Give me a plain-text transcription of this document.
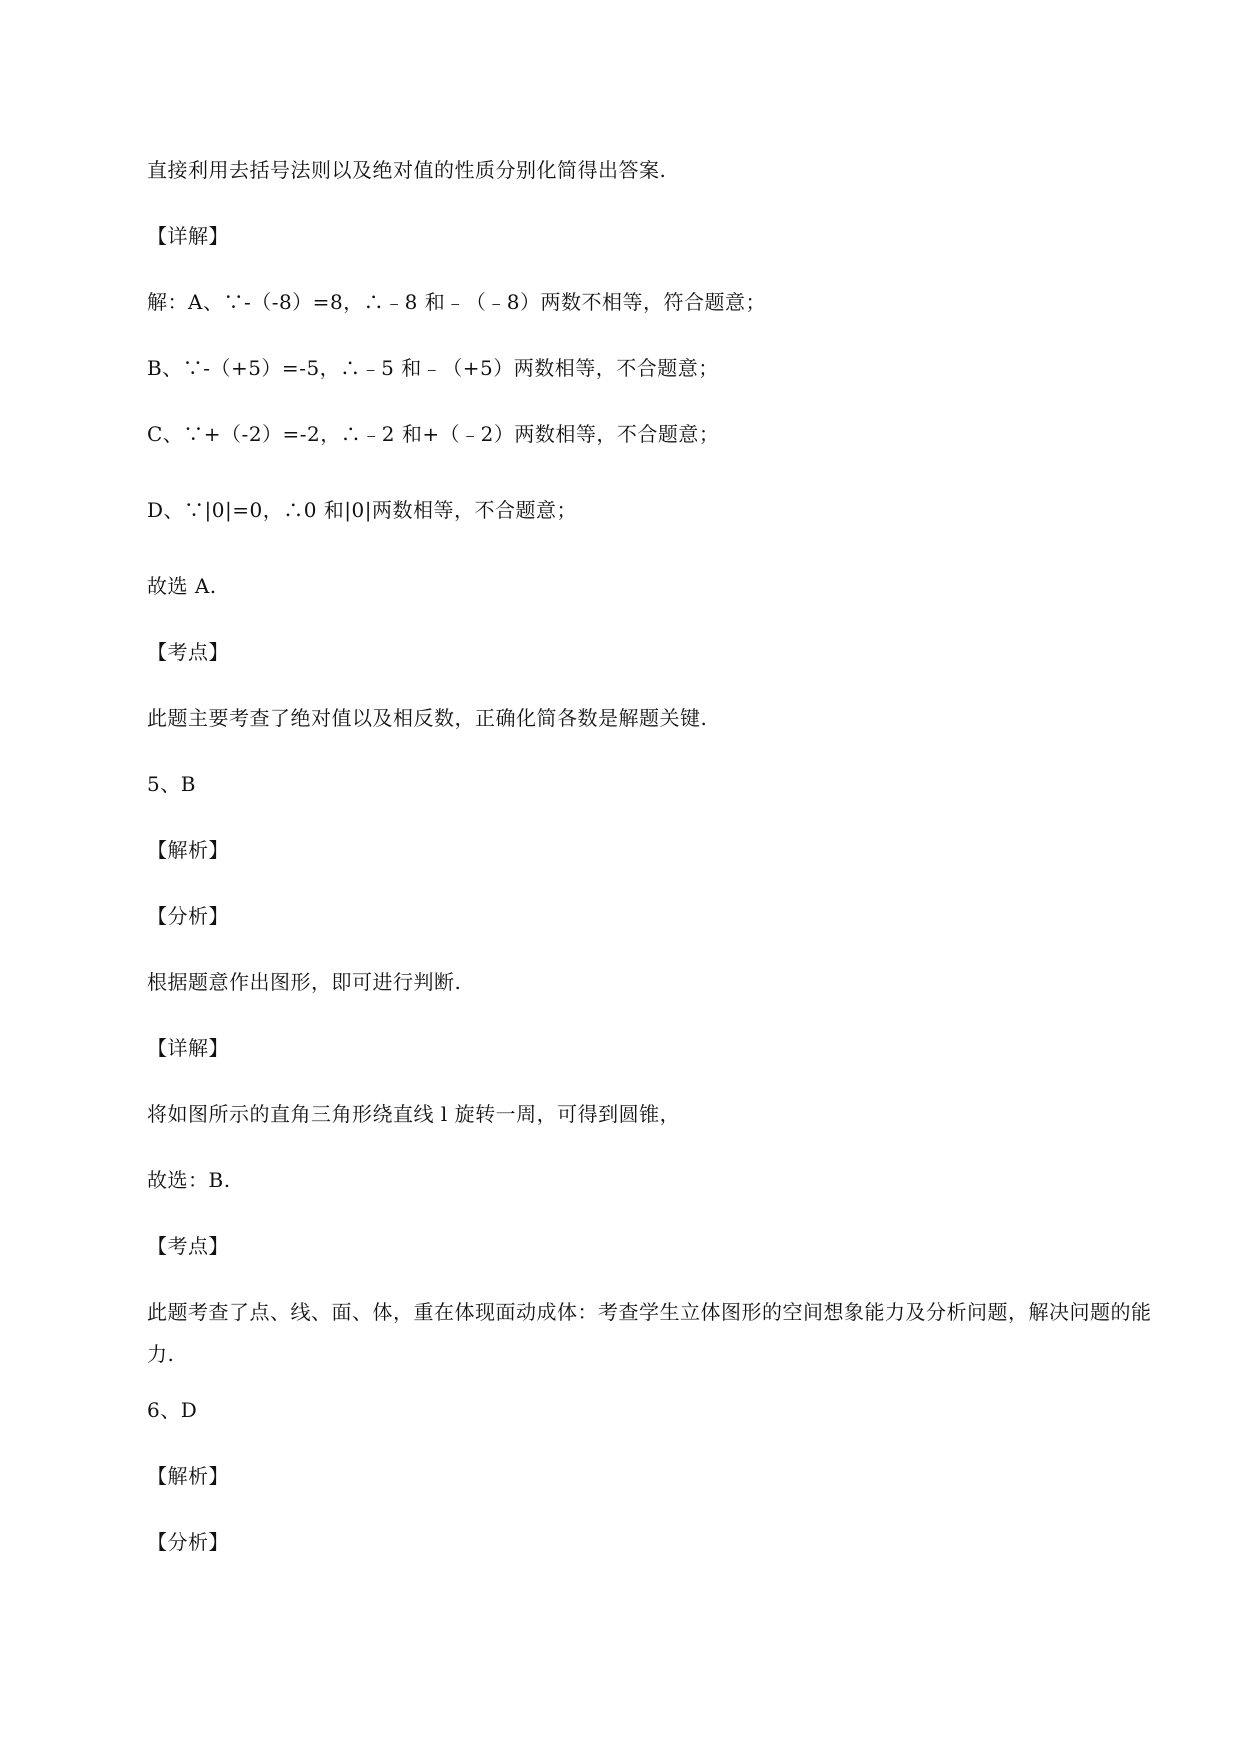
直接利用去括号法则以及绝对值的性质分别化简得出答案.
【详解】
解：A、∵-（-8）=8，∴﹣8 和﹣（﹣8）两数不相等，符合题意；
B、∵-（+5）=-5，∴﹣5 和﹣（+5）两数相等，不合题意；
C、∵+（-2）=-2，∴﹣2 和+（﹣2）两数相等，不合题意；
D、∵|0|=0，∴0 和|0|两数相等，不合题意；
故选 A.
【考点】
此题主要考查了绝对值以及相反数，正确化简各数是解题关键.
5、B
【解析】
【分析】
根据题意作出图形，即可进行判断.
【详解】
将如图所示的直角三角形绕直线 l 旋转一周，可得到圆锥，
故选：B.
【考点】
此题考查了点、线、面、体，重在体现面动成体：考查学生立体图形的空间想象能力及分析问题，解决问题的能力.
6、D
【解析】
【分析】
